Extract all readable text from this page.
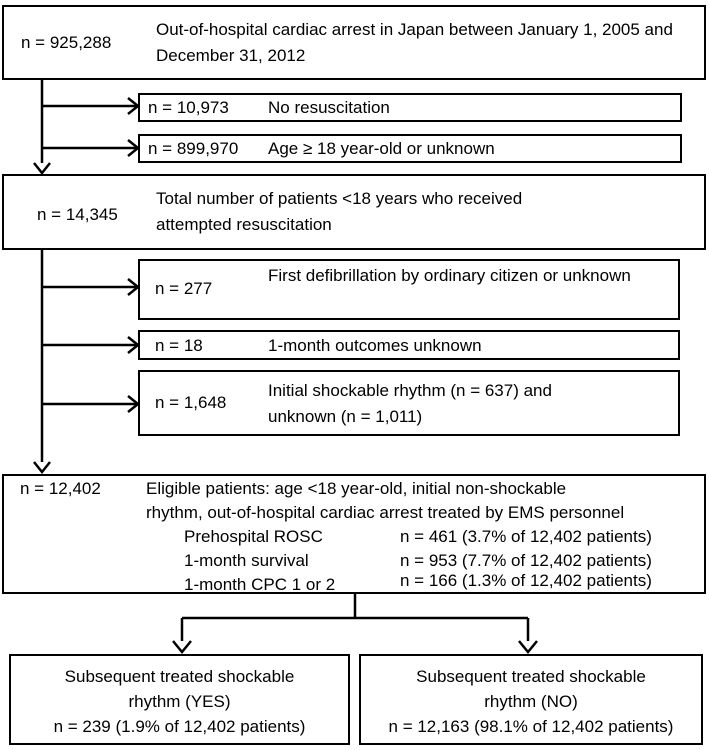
n = 925,288
Out-of-hospital cardiac arrest in Japan between January 1, 2005 and December 31, 2012
n = 10,973 No resuscitation
n = 899,970 Age ≥ 18 year-old or unknown
n = 14,345
Total number of patients <18 years who received attempted resuscitation
n = 277
First defibrillation by ordinary citizen or unknown
n = 18	1-month outcomes unknown
n = 1,648
Initial shockable rhythm (n = 637) and unknown (n = 1,011)
n = 12,402	Eligible patients: age <18 year-old, initial non-shockable
rhythm, out-of-hospital cardiac arrest treated by EMS personnel
Prehospital ROSC	n = 461 (3.7% of 12,402 patients)
1-month survival	n = 953 (7.7% of 12,402 patients)
1-month CPC 1 or 2	n = 166 (1.3% of 12,402 patients)
Subsequent treated shockable
rhythm (YES)
n = 239 (1.9% of 12,402 patients)
Subsequent treated shockable
rhythm (NO)
n = 12,163 (98.1% of 12,402 patients)
